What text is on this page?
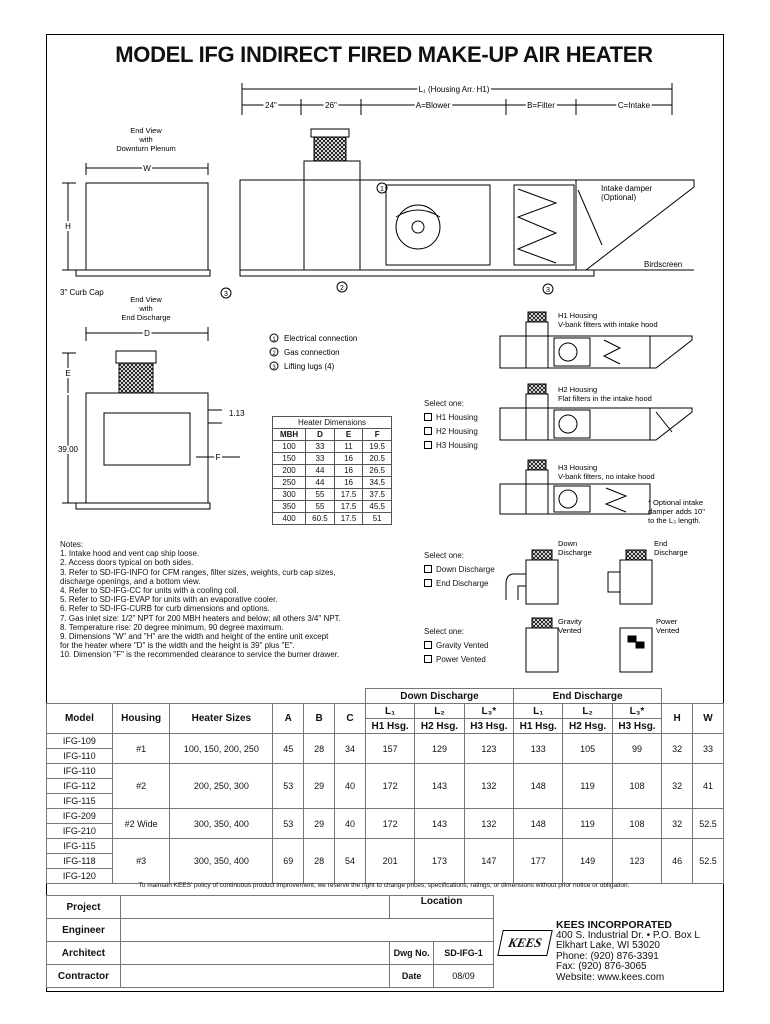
MODEL IFG INDIRECT FIRED MAKE-UP AIR HEATER
L₁ (Housing Arr. H1)
24"	26"	A=Blower	B=Filter	C=Intake
End View
with
Downturn Plenum
W
H
3" Curb Cap
Intake damper
(Optional)
Birdscreen
End View
with
End Discharge
D
E
F
1.13
39.00
1
2	3
3
1
2
3
Electrical connection
Gas connection
Lifting lugs (4)
Heater Dimensions			
MBH	D	E	F
100	33	11	19.5
150	33	16	20.5
200	44	16	26.5
250	44	16	34.5
300	55	17.5	37.5
350	55	17.5	45.5
400	60.5	17.5	51
H1 Housing
V-bank filters with intake hood
H2 Housing
Flat filters in the intake hood
H3 Housing
V-bank filters, no intake hood
* Optional intake
damper adds 10"
to the L₃ length.
Down
Discharge
End
Discharge
Gravity
Vented
Power
Vented
Select one:
H1 Housing
H2 Housing
H3 Housing
Select one:
Down Discharge
End Discharge
Select one:
Gravity Vented
Power Vented
Notes:
1. Intake hood and vent cap ship loose.
2. Access doors typical on both sides.
3. Refer to SD-IFG-INFO for CFM ranges, filter sizes, weights, curb cap sizes,
discharge openings, and a bottom view.
4. Refer to SD-IFG-CC for units with a cooling coil.
5. Refer to SD-IFG-EVAP for units with an evaporative cooler.
6. Refer to SD-IFG-CURB for curb dimensions and options.
7. Gas inlet size: 1/2" NPT for 200 MBH heaters and below; all others 3/4" NPT.
8. Temperature rise: 20 degree minimum, 90 degree maximum.
9. Dimensions "W" and "H" are the width and height of the entire unit except
for the heater where "D" is the width and the height is 39" plus "E".
10. Dimension "F" is the recommended clearance to service the burner drawer.
						Down Discharge			End Discharge				
Model	Housing	Heater Sizes	A	B	C	L₁	L₂	L₃*	L₁	L₂	L₃*	H	W
						H1 Hsg.	H2 Hsg.	H3 Hsg.	H1 Hsg.	H2 Hsg.	H3 Hsg.		
IFG-109	#1	100, 150, 200, 250	45	28	34	157	129	123	133	105	99	32	33
IFG-110													
IFG-110	#2	200, 250, 300	53	29	40	172	143	132	148	119	108	32	41
IFG-112													
IFG-115													
IFG-209	#2 Wide	300, 350, 400	53	29	40	172	143	132	148	119	108	32	52.5
IFG-210													
IFG-115	#3	300, 350, 400	69	28	54	201	173	147	177	149	123	46	52.5
IFG-118													
IFG-120													
To maintain KEES' policy of continuous product improvement, we reserve the right to change prices, specifications, ratings, or dimensions without prior notice or obligation.
Project		Location	
Engineer			
Architect		Dwg No.	SD-IFG-1
Contractor		Date	08/09
KEES
KEES INCORPORATED
400 S. Industrial Dr. • P.O. Box L
Elkhart Lake, WI 53020
Phone: (920) 876-3391
Fax: (920) 876-3065
Website: www.kees.com
